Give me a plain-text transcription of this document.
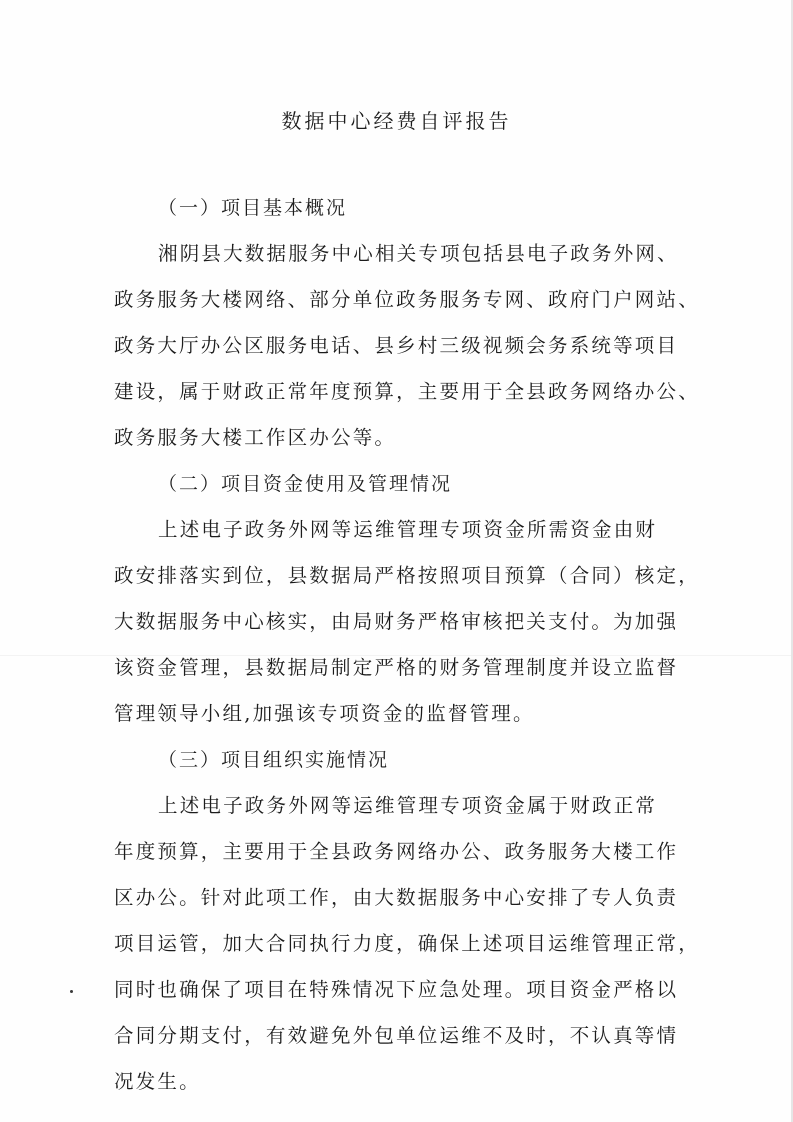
数据中心经费自评报告

（一）项目基本概况

湘阴县大数据服务中心相关专项包括县电子政务外网、

政务服务大楼网络、部分单位政务服务专网、政府门户网站、

政务大厅办公区服务电话、县乡村三级视频会务系统等项目

建设，属于财政正常年度预算，主要用于全县政务网络办公、

政务服务大楼工作区办公等。

（二）项目资金使用及管理情况

上述电子政务外网等运维管理专项资金所需资金由财

政安排落实到位，县数据局严格按照项目预算（合同）核定，

大数据服务中心核实，由局财务严格审核把关支付。为加强

该资金管理，县数据局制定严格的财务管理制度并设立监督

管理领导小组,加强该专项资金的监督管理。

（三）项目组织实施情况

上述电子政务外网等运维管理专项资金属于财政正常

年度预算，主要用于全县政务网络办公、政务服务大楼工作

区办公。针对此项工作，由大数据服务中心安排了专人负责

项目运管，加大合同执行力度，确保上述项目运维管理正常，

同时也确保了项目在特殊情况下应急处理。项目资金严格以

合同分期支付，有效避免外包单位运维不及时，不认真等情

况发生。
